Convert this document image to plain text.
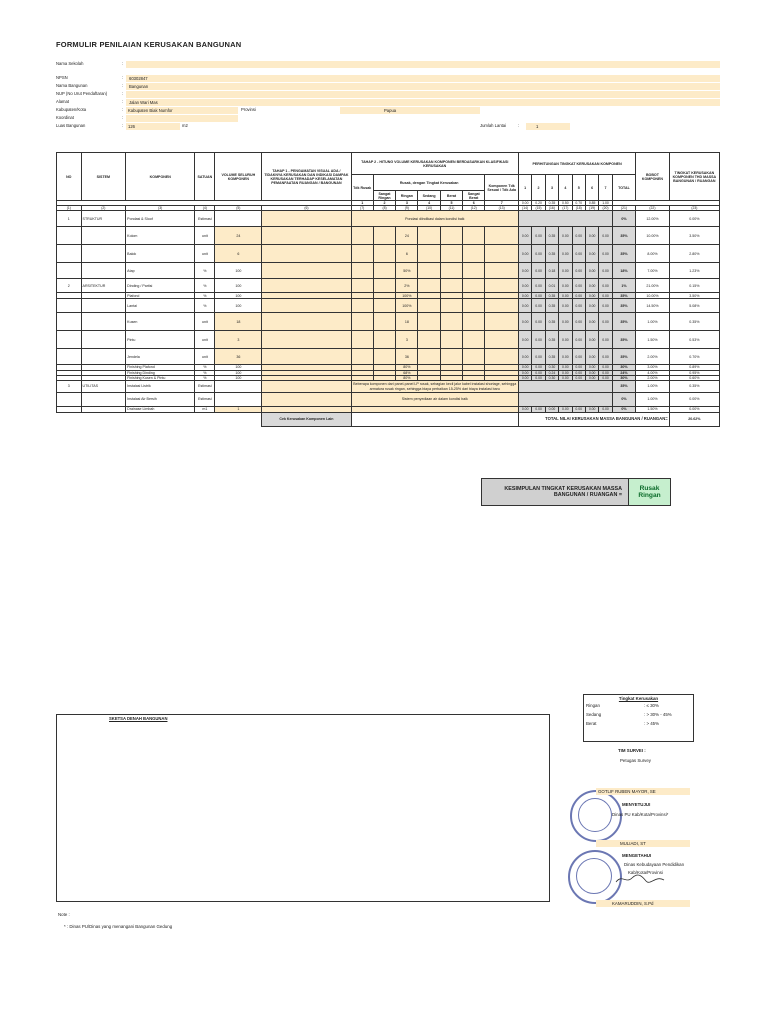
FORMULIR PENILAIAN KERUSAKAN BANGUNAN
Nama Sekolah	:
NPSN	:	60302847
Nama Bangunan	:	Bangunan
NUP (No Urut Pendaftaran)	:
Alamat	:	Jalan Wari Mas
Kabupaten/Kota	:	Kabupaten Biak Numfor	Provinsi	Papua
Koordinat	:
Luas Bangunan	:	126	m2	Jumlah Lantai	:	1
NO	SISTEM	KOMPONEN	SATUAN	VOLUME SELURUH KOMPONEN	TAHAP 1 - PENGAMATAN VISUAL ADA / TIDAKNYA KERUSAKAN DAN INDIKASI DAMPAK KERUSAKAN TERHADAP KESELAMATAN PEMANFAATAN RUANGAN / BANGUNAN	TAHAP 2 - HITUNG VOLUME KERUSAKAN KOMPONEN BERDASARKAN KLASIFIKASI KERUSAKAN							PERHITUNGAN TINGKAT KERUSAKAN KOMPONEN								BOBOT KOMPONEN	TINGKAT KERUSAKAN KOMPONEN THD MASSA BANGUNAN / RUANGAN
						Tdk Rusak	Rusak, dengan Tingkat Kerusakan					Komponen Tdk Sesuai / Tdk Ada	1	2	3	4	5	6	7	TOTAL		
							Sangat Ringan	Ringan	Sedang	Berat	Sangat Berat											
						1	2	3	4	5	6	7	0.00	0.20	0.35	0.50	0.70	0.85	1.00			
(1)	(2)	(3)	(4)	(5)	(6)	(7)	(8)	(9)	(10)	(11)	(12)	(13)	(14)	(15)	(16)	(17)	(18)	(19)	(20)	(21)	(22)	(23)
1	STRUKTUR	Pondasi & Sloof	Estimasi			Pondasi diindikasi dalam kondisi baik														0%	12.00%	0.00%
		Kolom	unit	24				24					0.00	0.00	0.35	0.00	0.00	0.00	0.00	35%	10.00%	3.50%
		Balok	unit	6				6					0.00	0.00	0.35	0.00	0.00	0.00	0.00	35%	8.00%	2.80%
		Atap	%	100				50%					0.00	0.00	0.18	0.00	0.00	0.00	0.00	18%	7.00%	1.23%
2	ARSITEKTUR	Dinding / Partisi	%	100				2%					0.00	0.00	0.01	0.00	0.00	0.00	0.00	1%	21.00%	0.15%
		Plafond	%	100				100%					0.00	0.00	0.35	0.00	0.00	0.00	0.00	35%	10.00%	3.50%
		Lantai	%	100				100%					0.00	0.00	0.35	0.00	0.00	0.00	0.00	35%	14.50%	5.08%
		Kusen	unit	18				18					0.00	0.00	0.35	0.00	0.00	0.00	0.00	35%	1.00%	0.35%
		Pintu	unit	3				3					0.00	0.00	0.35	0.00	0.00	0.00	0.00	35%	1.50%	0.53%
		Jendela	unit	36				36					0.00	0.00	0.35	0.00	0.00	0.00	0.00	35%	2.00%	0.70%
		Finishing Plafond	%	100				80%					0.00	0.00	0.30	0.00	0.00	0.00	0.00	30%	3.00%	0.89%
		Finishing Dinding	%	100				68%					0.00	0.00	0.24	0.00	0.00	0.00	0.00	24%	4.00%	0.95%
		Finishing Kusen & Pintu	%	100				80%					0.00	0.00	0.30	0.00	0.00	0.00	0.00	30%	2.00%	0.60%
3	UTILITAS	Instalasi Listrik	Estimasi			Beberapa komponen dari panel-panel LP rusak, sebagian kecil jalur kabel instalasi shortage, sehingga armatura rusak ringan, sehingga biaya perbaikan 15-25% dari biaya instalasi baru														35%	1.00%	0.35%
		Instalasi Air Bersih	Estimasi			Sistem penyediaan air dalam kondisi baik														0%	1.00%	0.00%
		Drainase Limbah	m1	1									0.00	0.00	0.00	0.00	0.00	0.00	0.00	0%	1.50%	0.00%
					Cek Kerusakan Komponen Lain								TOTAL NILAI KERUSAKAN MASSA BANGUNAN / RUANGAN=									20.62%
KESIMPULAN TINGKAT KERUSAKAN MASSA BANGUNAN / RUANGAN =
Rusak Ringan
Tingkat Kerusakan
Ringan	: ≤ 30%
Sedang	: > 30% - 45%
Berat	: > 45%
SKETSA DENAH BANGUNAN
TIM SURVEI :
Petugas Survey
GOTLIF RUBEN MAYOR, SE
MENYETUJUI
Dinas PU Kab/Kota/Provinsi*
MULIADI, ST
MENGETAHUI
Dinas Kebudayaan Pendidikan
Kab/Kota/Provinsi
KAMARUDDIN, S.Pd
Note :
* : Dinas PU/Dinas yang menangani Bangunan Gedung
